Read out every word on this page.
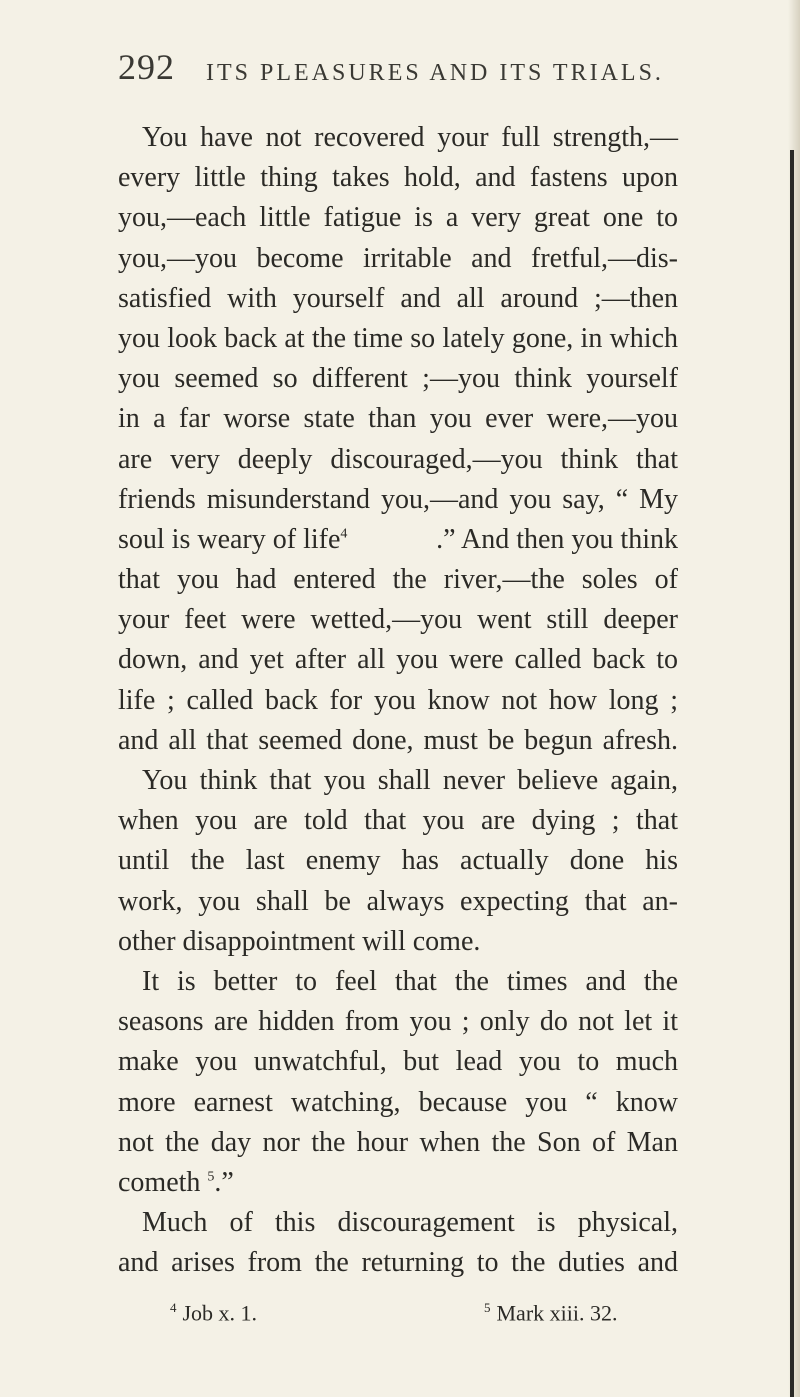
292 ITS PLEASURES AND ITS TRIALS.
You have not recovered your full strength,—
every little thing takes hold, and fastens upon
you,—each little fatigue is a very great one to
you,—you become irritable and fretful,—dis-
satisfied with yourself and all around ;—then
you look back at the time so lately gone, in which
you seemed so different ;—you think yourself
in a far worse state than you ever were,—you
are very deeply discouraged,—you think that
friends misunderstand you,—and you say, “ My
soul is weary of life$^4$	.” And then you think
that you had entered the river,—the soles of
your feet were wetted,—you went still deeper
down, and yet after all you were called back to
life ; called back for you know not how long ;
and all that seemed done, must be begun afresh.
You think that you shall never believe again,
when you are told that you are dying ; that
until the last enemy has actually done his
work, you shall be always expecting that an-
other disappointment will come.
It is better to feel that the times and the
seasons are hidden from you ; only do not let it
make you unwatchful, but lead you to much
more earnest watching, because you “ know
not the day nor the hour when the Son of Man
cometh $^5$.”
Much of this discouragement is physical,
and arises from the returning to the duties and
$^4$ Job x. 1.	$^5$ Mark xiii. 32.
